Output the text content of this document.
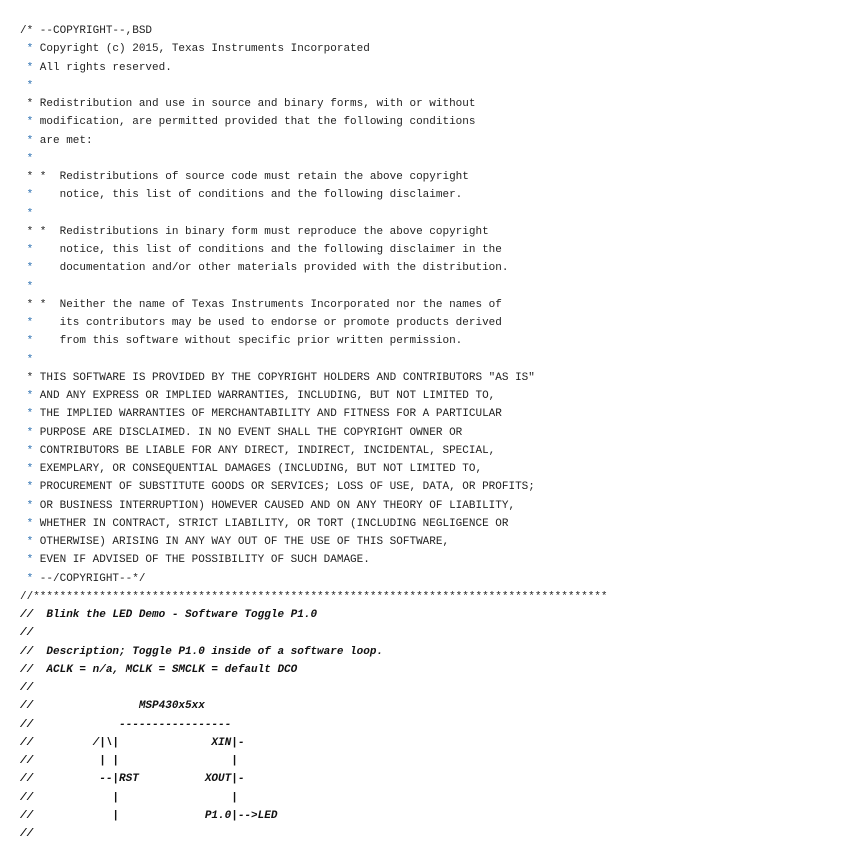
/* --COPYRIGHT--,BSD
* Copyright (c) 2015, Texas Instruments Incorporated
* All rights reserved.
*
* Redistribution and use in source and binary forms, with or without
* modification, are permitted provided that the following conditions
* are met:
*
* *  Redistributions of source code must retain the above copyright
*    notice, this list of conditions and the following disclaimer.
*
* *  Redistributions in binary form must reproduce the above copyright
*    notice, this list of conditions and the following disclaimer in the
*    documentation and/or other materials provided with the distribution.
*
* *  Neither the name of Texas Instruments Incorporated nor the names of
*    its contributors may be used to endorse or promote products derived
*    from this software without specific prior written permission.
*
* THIS SOFTWARE IS PROVIDED BY THE COPYRIGHT HOLDERS AND CONTRIBUTORS "AS IS"
* AND ANY EXPRESS OR IMPLIED WARRANTIES, INCLUDING, BUT NOT LIMITED TO,
* THE IMPLIED WARRANTIES OF MERCHANTABILITY AND FITNESS FOR A PARTICULAR
* PURPOSE ARE DISCLAIMED. IN NO EVENT SHALL THE COPYRIGHT OWNER OR
* CONTRIBUTORS BE LIABLE FOR ANY DIRECT, INDIRECT, INCIDENTAL, SPECIAL,
* EXEMPLARY, OR CONSEQUENTIAL DAMAGES (INCLUDING, BUT NOT LIMITED TO,
* PROCUREMENT OF SUBSTITUTE GOODS OR SERVICES; LOSS OF USE, DATA, OR PROFITS;
* OR BUSINESS INTERRUPTION) HOWEVER CAUSED AND ON ANY THEORY OF LIABILITY,
* WHETHER IN CONTRACT, STRICT LIABILITY, OR TORT (INCLUDING NEGLIGENCE OR
* OTHERWISE) ARISING IN ANY WAY OUT OF THE USE OF THIS SOFTWARE,
* EVEN IF ADVISED OF THE POSSIBILITY OF SUCH DAMAGE.
* --/COPYRIGHT--*/
//***************************************************************************************
//  Blink the LED Demo - Software Toggle P1.0
//
//  Description; Toggle P1.0 inside of a software loop.
//  ACLK = n/a, MCLK = SMCLK = default DCO
//
//                MSP430x5xx
//             -----------------
//         /|\|              XIN|-
//          | |                 |
//          --|RST          XOUT|-
//            |                 |
//            |             P1.0|-->LED
//
